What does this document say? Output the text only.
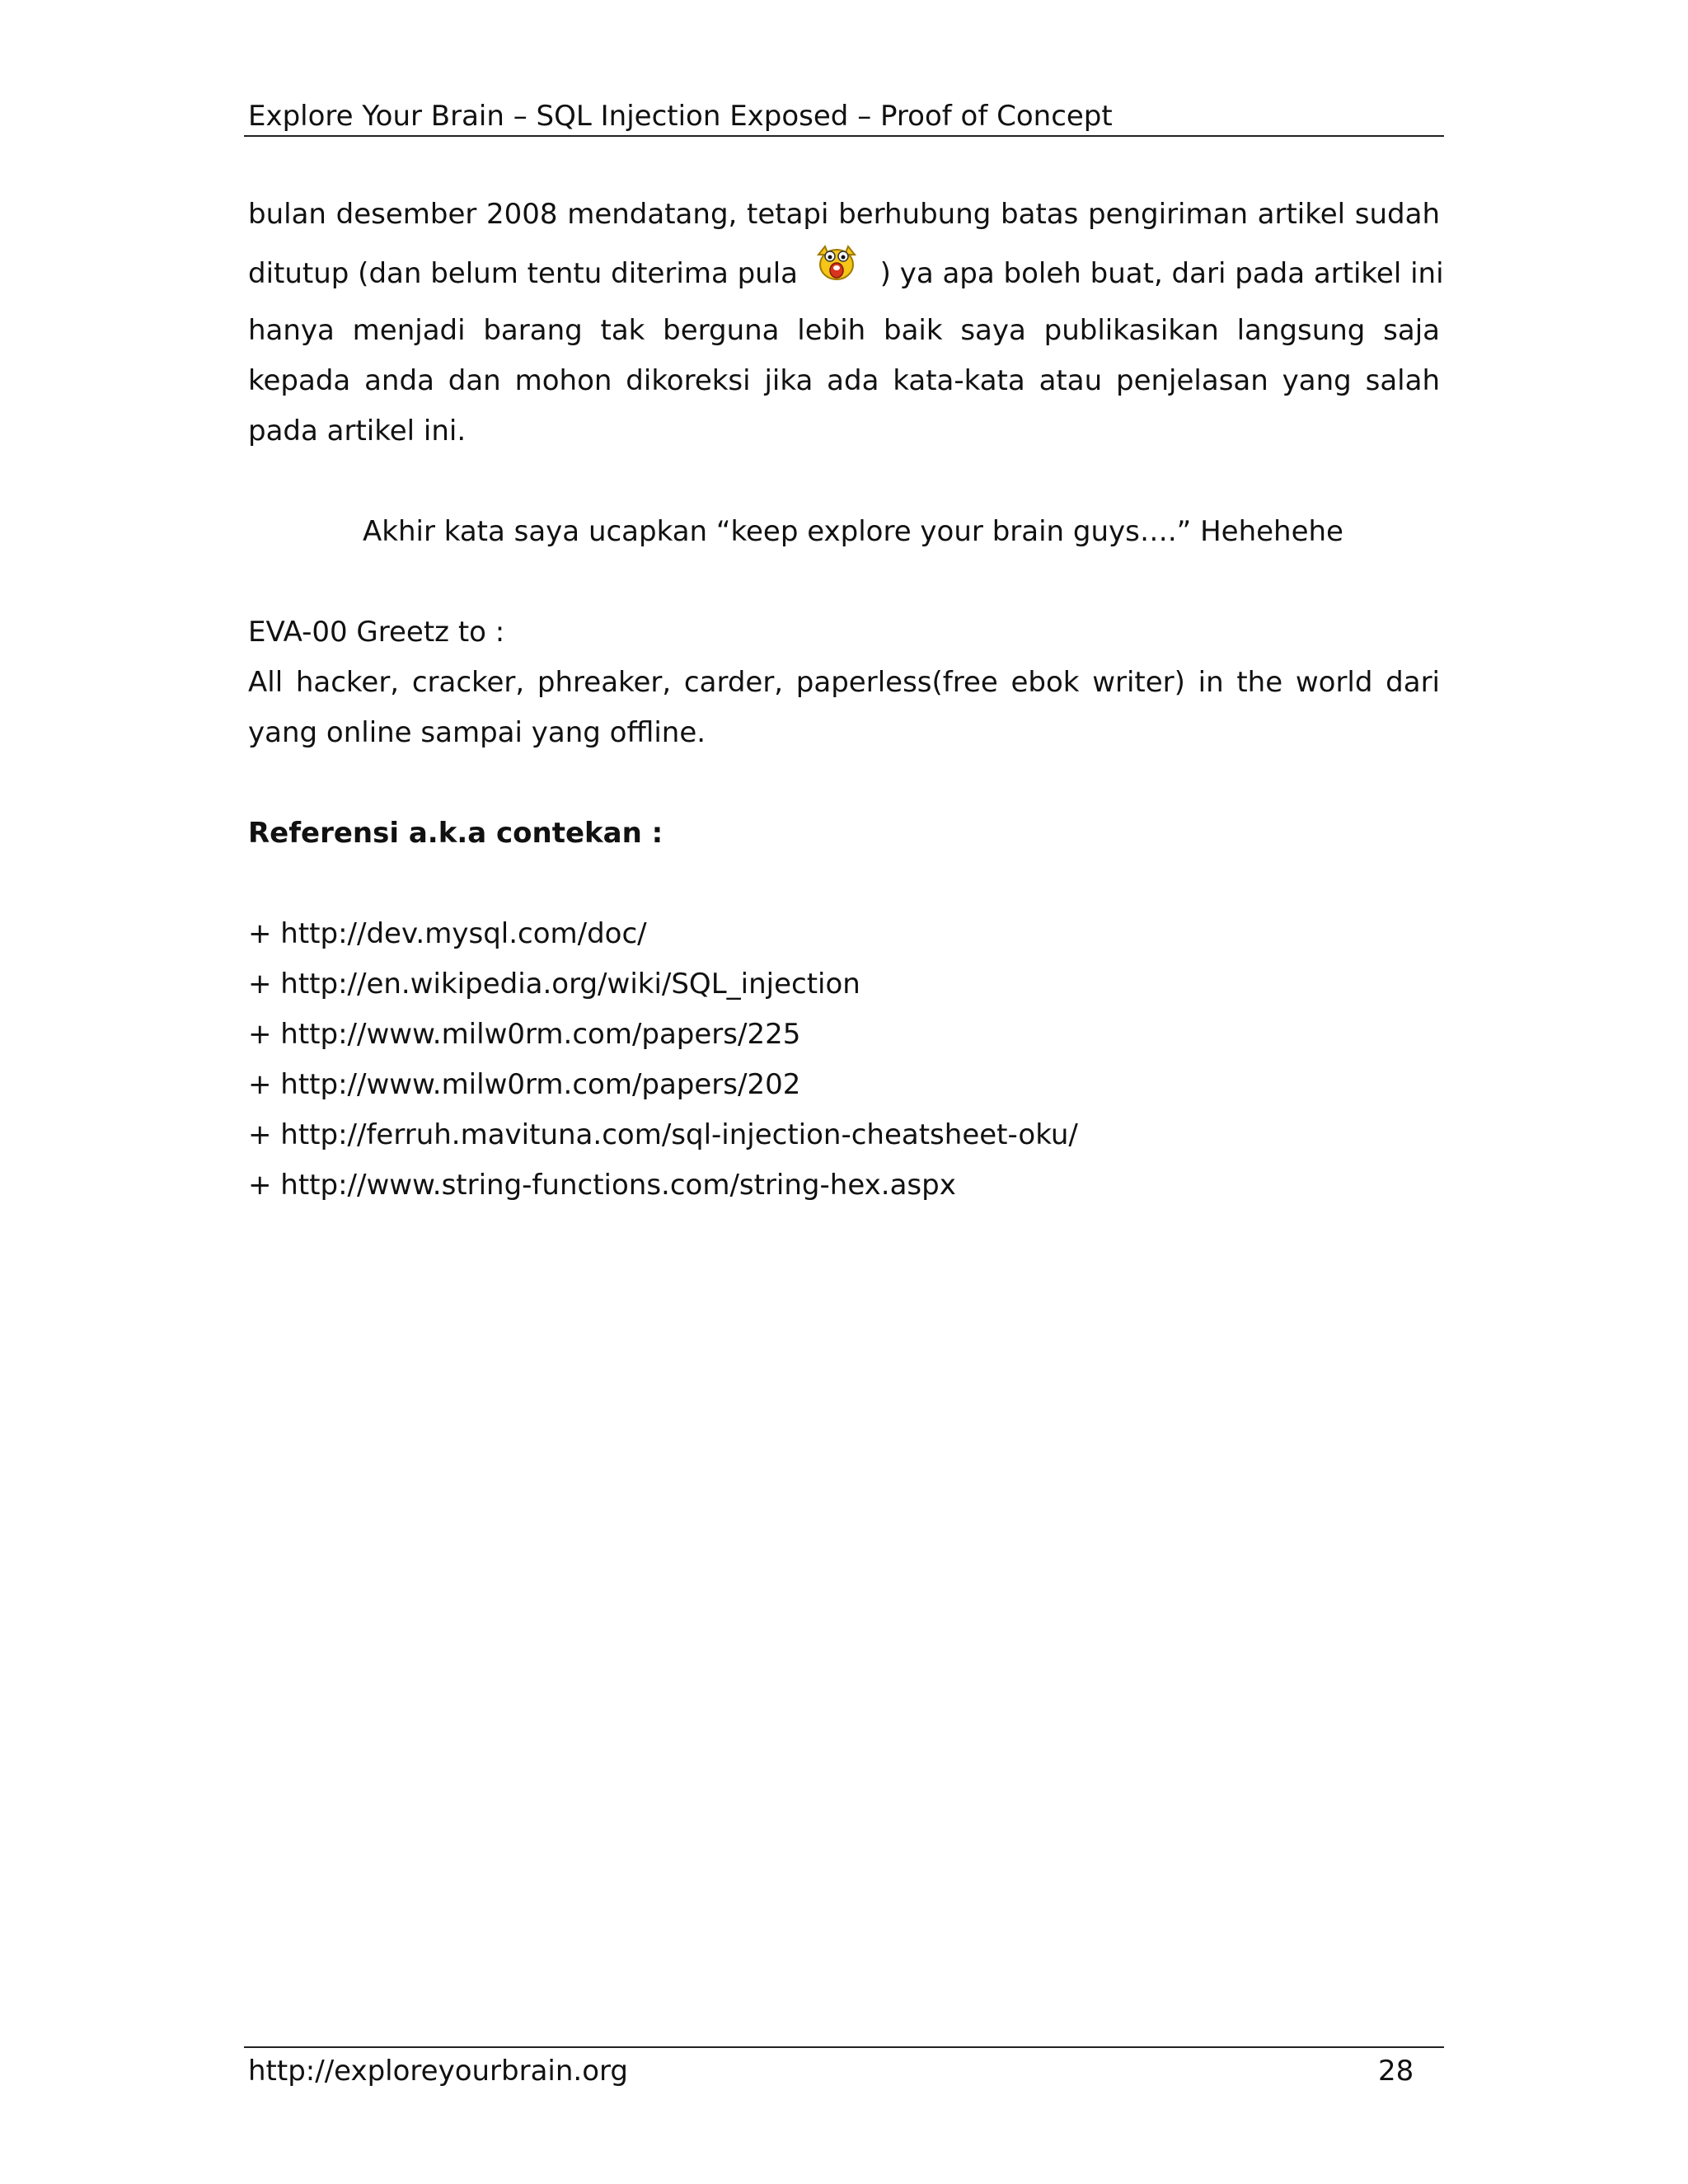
Explore Your Brain – SQL Injection Exposed – Proof of Concept
bulan desember 2008 mendatang, tetapi berhubung batas pengiriman artikel sudah
ditutup (dan belum tentu diterima pula	) ya apa boleh buat, dari pada artikel ini
hanya menjadi barang tak berguna lebih baik saya publikasikan langsung saja
kepada anda dan mohon dikoreksi jika ada kata-kata atau penjelasan yang salah
pada artikel ini.
Akhir kata saya ucapkan “keep explore your brain guys….” Hehehehe
EVA-00 Greetz to :
All hacker, cracker, phreaker, carder, paperless(free ebok writer) in the world dari
yang online sampai yang offline.
Referensi a.k.a contekan :
+ http://dev.mysql.com/doc/
+ http://en.wikipedia.org/wiki/SQL_injection
+ http://www.milw0rm.com/papers/225
+ http://www.milw0rm.com/papers/202
+ http://ferruh.mavituna.com/sql-injection-cheatsheet-oku/
+ http://www.string-functions.com/string-hex.aspx
http://exploreyourbrain.org	28
